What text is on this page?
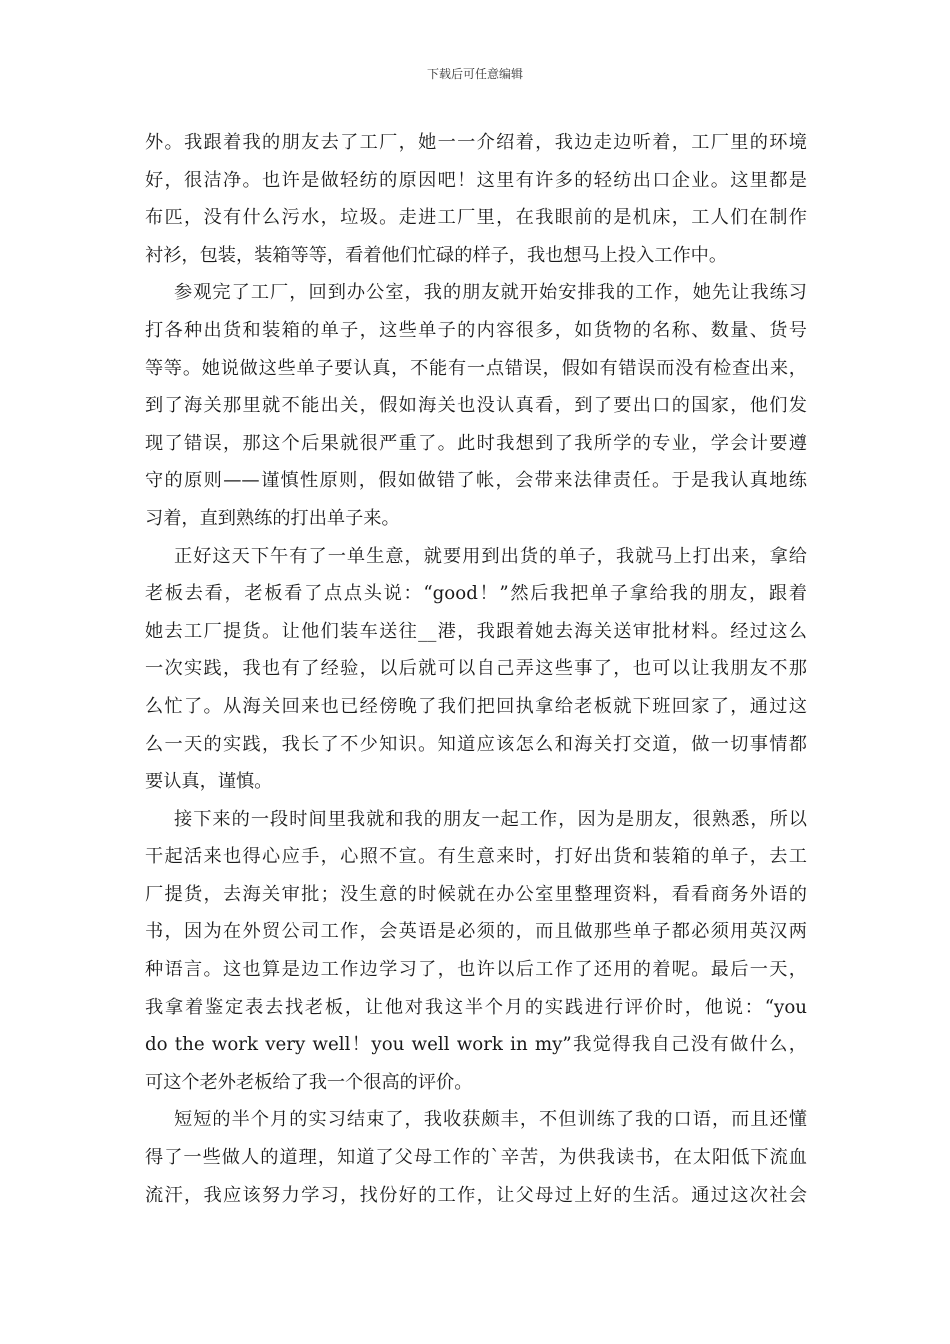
下载后可任意编辑
外。我跟着我的朋友去了工厂，她一一介绍着，我边走边听着，工厂里的环境
好，很洁净。也许是做轻纺的原因吧！这里有许多的轻纺出口企业。这里都是
布匹，没有什么污水，垃圾。走进工厂里，在我眼前的是机床，工人们在制作
衬衫，包装，装箱等等，看着他们忙碌的样子，我也想马上投入工作中。
参观完了工厂，回到办公室，我的朋友就开始安排我的工作，她先让我练习
打各种出货和装箱的单子，这些单子的内容很多，如货物的名称、数量、货号
等等。她说做这些单子要认真，不能有一点错误，假如有错误而没有检查出来，
到了海关那里就不能出关，假如海关也没认真看，到了要出口的国家，他们发
现了错误，那这个后果就很严重了。此时我想到了我所学的专业，学会计要遵
守的原则——谨慎性原则，假如做错了帐，会带来法律责任。于是我认真地练
习着，直到熟练的打出单子来。
正好这天下午有了一单生意，就要用到出货的单子，我就马上打出来，拿给
老板去看，老板看了点点头说：“good！”然后我把单子拿给我的朋友，跟着
她去工厂提货。让他们装车送往__港，我跟着她去海关送审批材料。经过这么
一次实践，我也有了经验，以后就可以自己弄这些事了，也可以让我朋友不那
么忙了。从海关回来也已经傍晚了我们把回执拿给老板就下班回家了，通过这
么一天的实践，我长了不少知识。知道应该怎么和海关打交道，做一切事情都
要认真，谨慎。
接下来的一段时间里我就和我的朋友一起工作，因为是朋友，很熟悉，所以
干起活来也得心应手，心照不宣。有生意来时，打好出货和装箱的单子，去工
厂提货，去海关审批；没生意的时候就在办公室里整理资料，看看商务外语的
书，因为在外贸公司工作，会英语是必须的，而且做那些单子都必须用英汉两
种语言。这也算是边工作边学习了，也许以后工作了还用的着呢。最后一天，
我拿着鉴定表去找老板，让他对我这半个月的实践进行评价时，他说：“you
do the work very well！you well work in my”我觉得我自己没有做什么，
可这个老外老板给了我一个很高的评价。
短短的半个月的实习结束了，我收获颇丰，不但训练了我的口语，而且还懂
得了一些做人的道理，知道了父母工作的`辛苦，为供我读书，在太阳低下流血
流汗，我应该努力学习，找份好的工作，让父母过上好的生活。通过这次社会
